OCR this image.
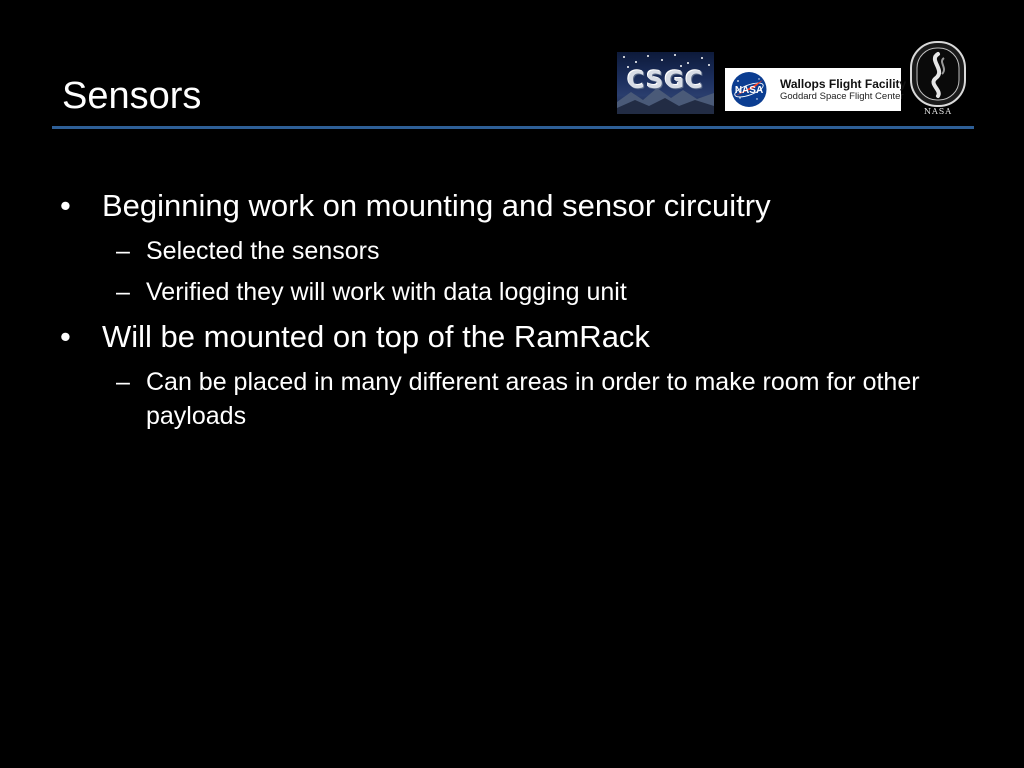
Sensors	CSGC	NASA Wallops Flight Facility
Goddard Space Flight Center
NASA
• Beginning work on mounting and sensor circuitry
– Selected the sensors
– Verified they will work with data logging unit
• Will be mounted on top of the RamRack
– Can be placed in many different areas in order to make room for other payloads
